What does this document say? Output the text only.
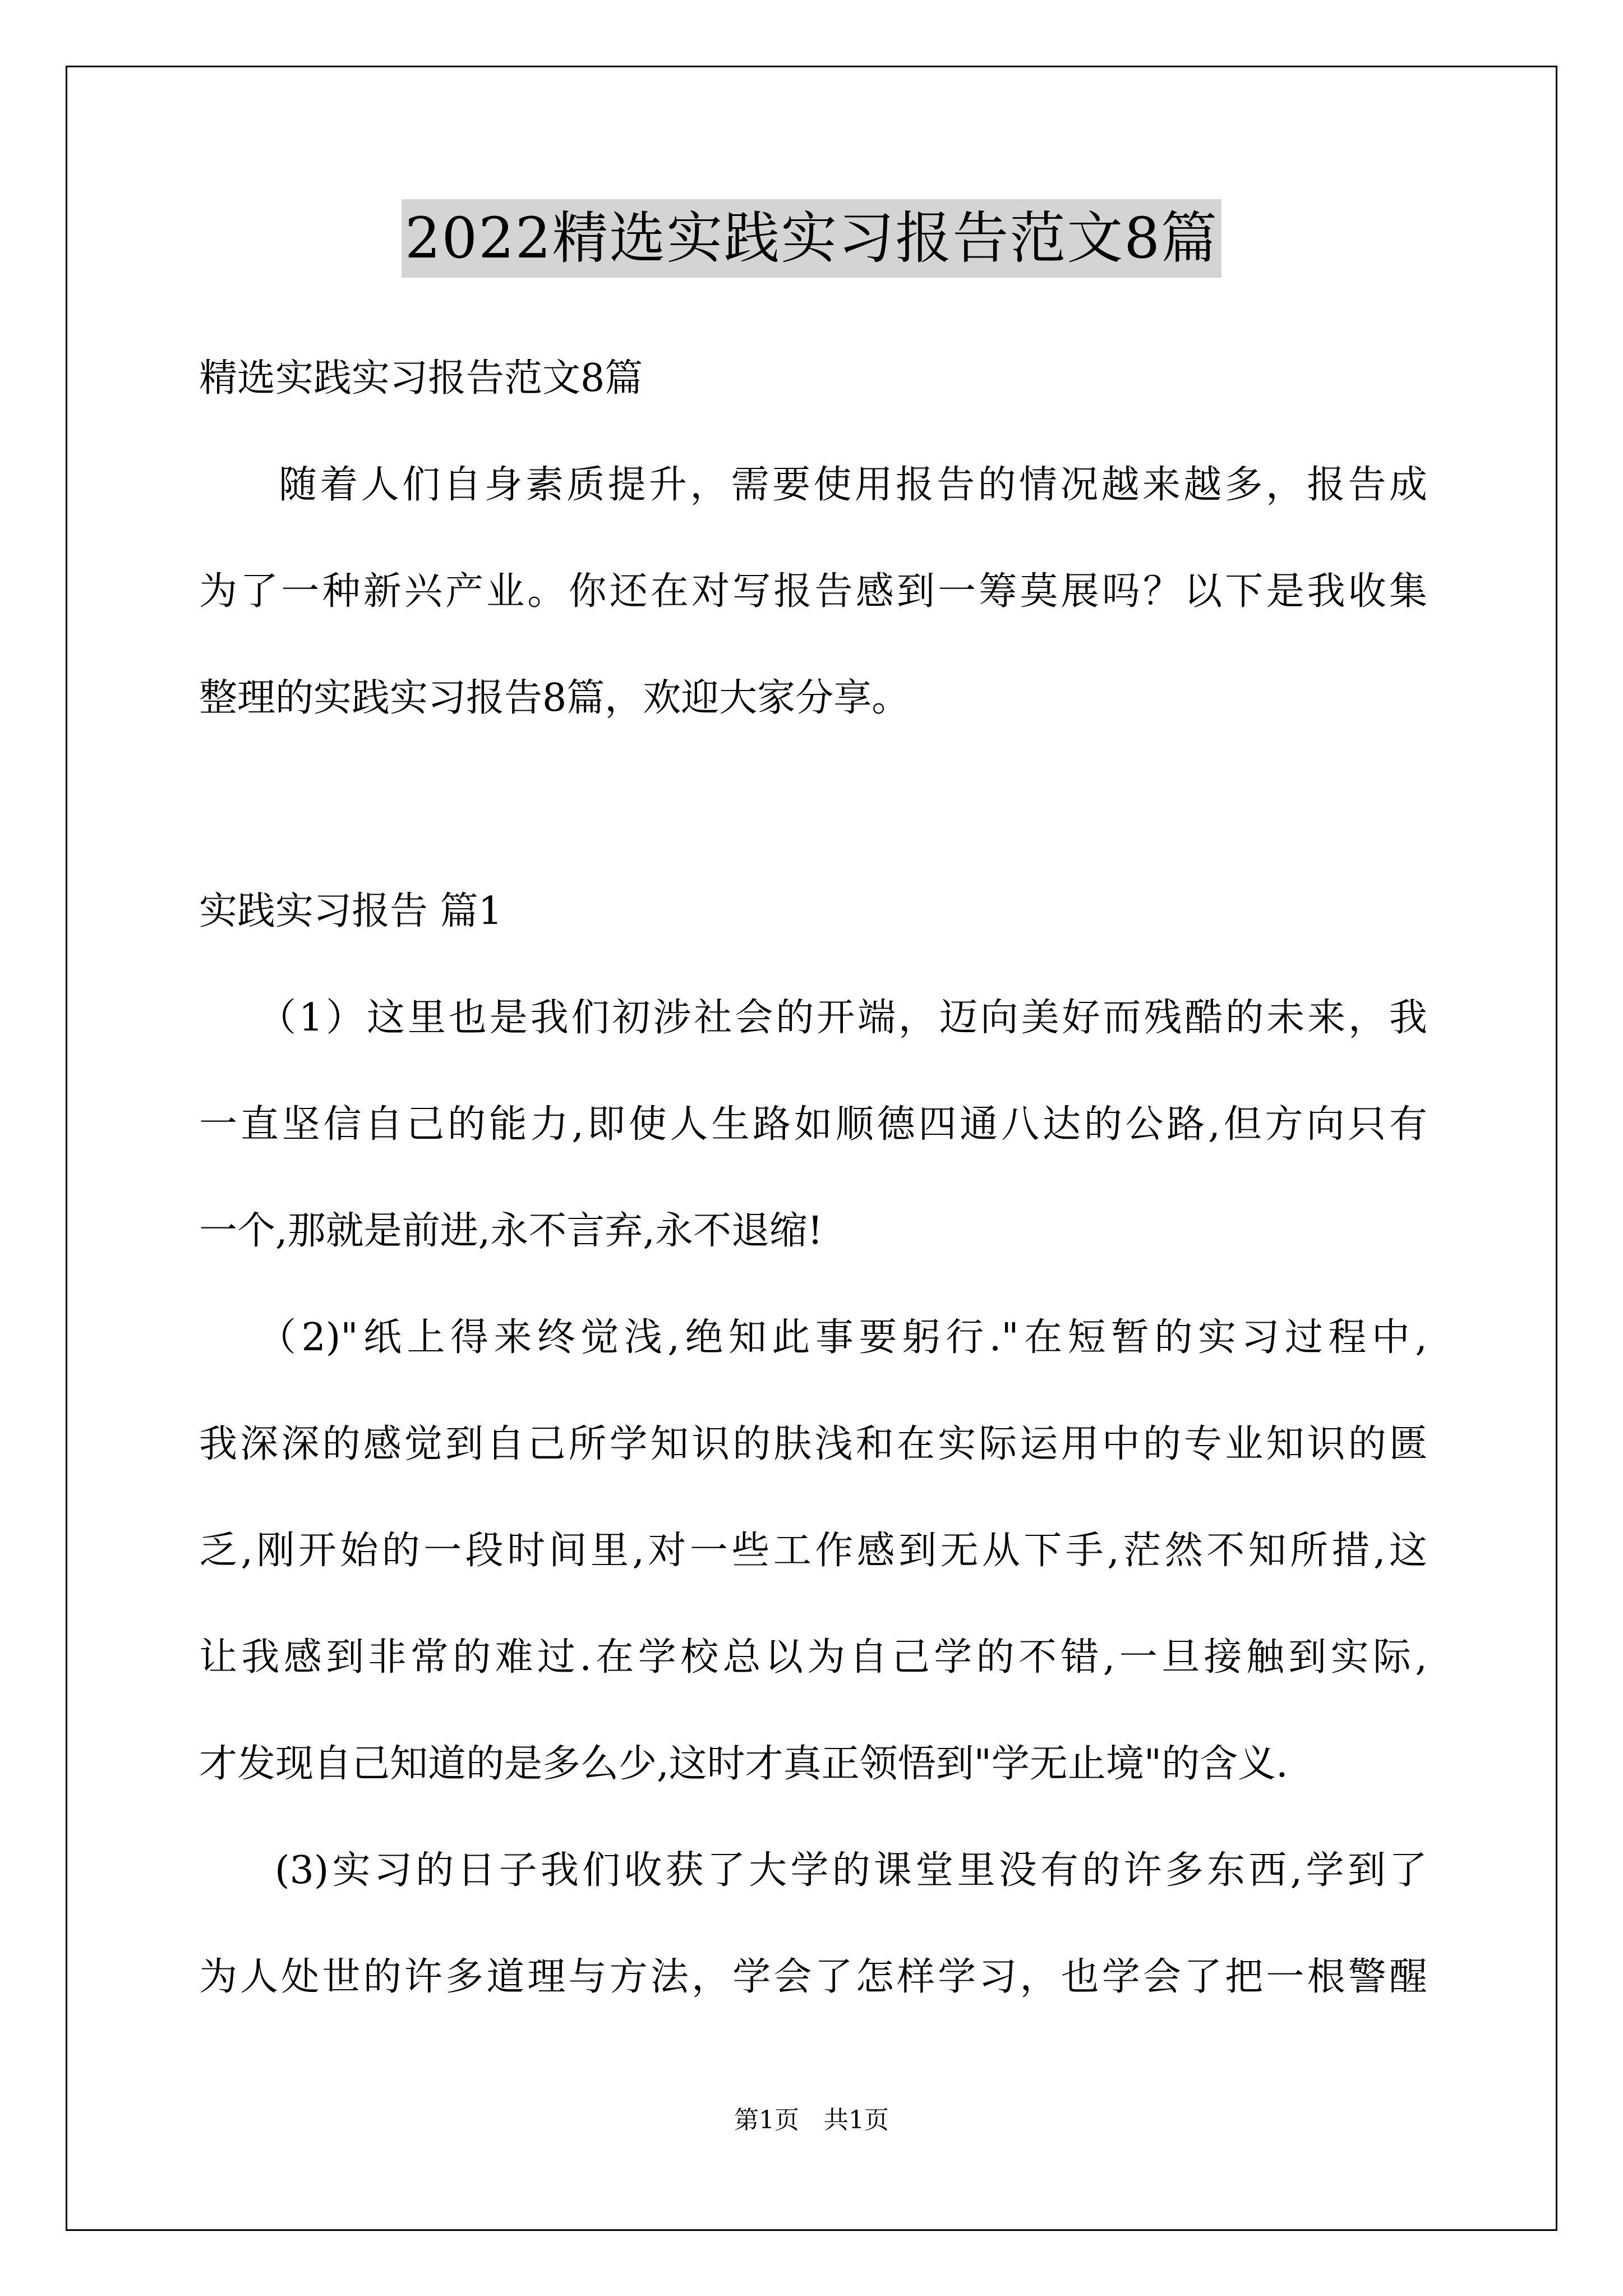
2022精选实践实习报告范文8篇
精选实践实习报告范文8篇
随着人们自身素质提升，需要使用报告的情况越来越多，报告成
为了一种新兴产业。你还在对写报告感到一筹莫展吗？以下是我收集
整理的实践实习报告8篇，欢迎大家分享。
实践实习报告 篇1
（1）这里也是我们初涉社会的开端，迈向美好而残酷的未来，我
一直坚信自己的能力,即使人生路如顺德四通八达的公路,但方向只有
一个,那就是前进,永不言弃,永不退缩!
（2)"纸上得来终觉浅,绝知此事要躬行."在短暂的实习过程中,
我深深的感觉到自己所学知识的肤浅和在实际运用中的专业知识的匮
乏,刚开始的一段时间里,对一些工作感到无从下手,茫然不知所措,这
让我感到非常的难过.在学校总以为自己学的不错,一旦接触到实际,
才发现自己知道的是多么少,这时才真正领悟到"学无止境"的含义.
(3)实习的日子我们收获了大学的课堂里没有的许多东西,学到了
为人处世的许多道理与方法，学会了怎样学习，也学会了把一根警醒
第1页　共1页
